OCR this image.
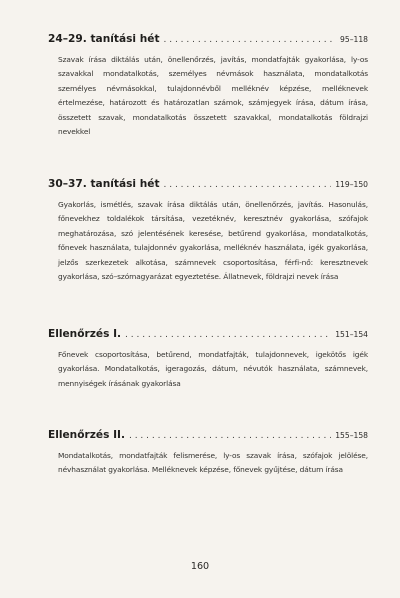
24–29. tanítási hét . . .	95–118
Szavak írása diktálás után, önellenőrzés, javítás, mondatfajták gyakorlása, ly-os szavakkal mondatalkotás, személyes névmások használata, mondatalkotás személyes névmásokkal, tulajdonnévből melléknév képzése, melléknevek értelmezése, határozott és határozatlan számok, számjegyek írása, dátum írása, összetett szavak, mondatalkotás összetett szavakkal, mondatalkotás földrajzi nevekkel
30–37. tanítási hét . . .	119–150
Gyakorlás, ismétlés, szavak írása diktálás után, önellenőrzés, javítás. Hasonulás, főnevekhez toldalékok társítása, vezetéknév, keresztnév gyakorlása, szófajok meghatározása, szó jelentésének keresése, betűrend gyakorlása, mondatalkotás, főnevek használata, tulajdonnév gyakorlása, melléknév használata, igék gyakorlása, jelzős szerkezetek alkotása, számnevek csoportosítása, férfi-nő: keresztnevek gyakorlása, szó–szómagyarázat egyeztetése. Állatnevek, földrajzi nevek írása
Ellenőrzés I. . . .	151–154
Főnevek csoportosítása, betűrend, mondatfajták, tulajdonnevek, igekötős igék gyakorlása. Mondatalkotás, igeragozás, dátum, névutók használata, számnevek, mennyiségek írásának gyakorlása
Ellenőrzés II. . . .	155–158
Mondatalkotás, mondatfajták felismerése, ly-os szavak írása, szófajok jelölése, névhasználat gyakorlása. Melléknevek képzése, főnevek gyűjtése, dátum írása
160
